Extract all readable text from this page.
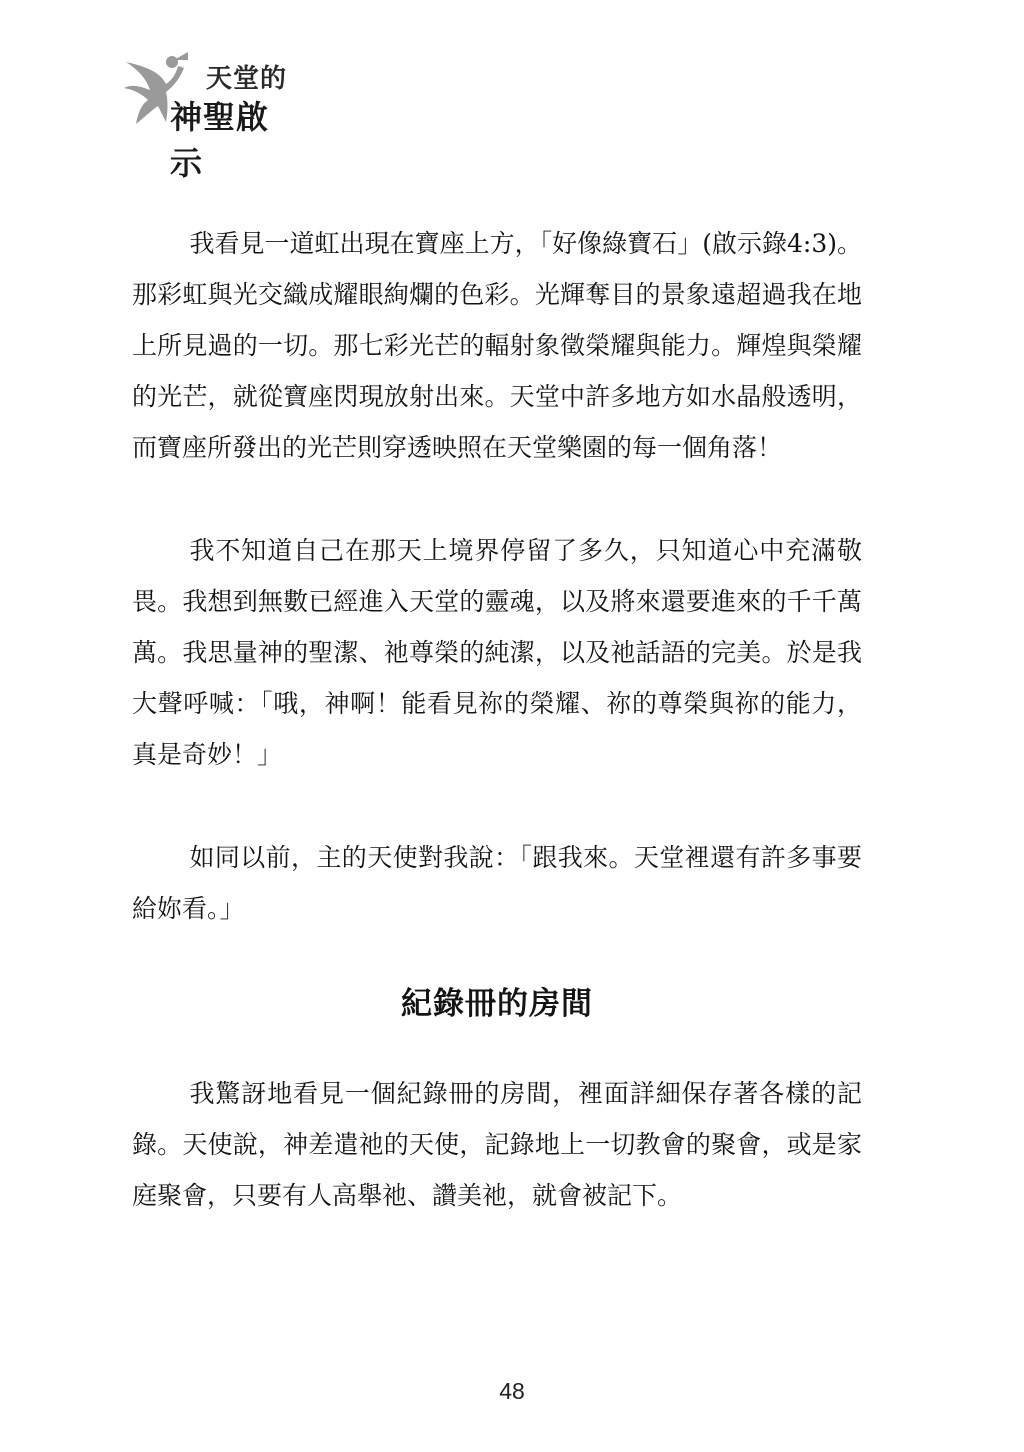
天堂的
神聖啟示

我看見一道虹出現在寶座上方，「好像綠寶石」(啟示錄4:3)。那彩虹與光交織成耀眼絢爛的色彩。光輝奪目的景象遠超過我在地上所見過的一切。那七彩光芒的輻射象徵榮耀與能力。輝煌與榮耀的光芒，就從寶座閃現放射出來。天堂中許多地方如水晶般透明，而寶座所發出的光芒則穿透映照在天堂樂園的每一個角落！

我不知道自己在那天上境界停留了多久，只知道心中充滿敬畏。我想到無數已經進入天堂的靈魂，以及將來還要進來的千千萬萬。我思量神的聖潔、祂尊榮的純潔，以及祂話語的完美。於是我大聲呼喊：「哦，神啊！能看見祢的榮耀、祢的尊榮與祢的能力，真是奇妙！」

如同以前，主的天使對我說：「跟我來。天堂裡還有許多事要給妳看。」

紀錄冊的房間

我驚訝地看見一個紀錄冊的房間，裡面詳細保存著各樣的記錄。天使說，神差遣祂的天使，記錄地上一切教會的聚會，或是家庭聚會，只要有人高舉祂、讚美祂，就會被記下。

48
